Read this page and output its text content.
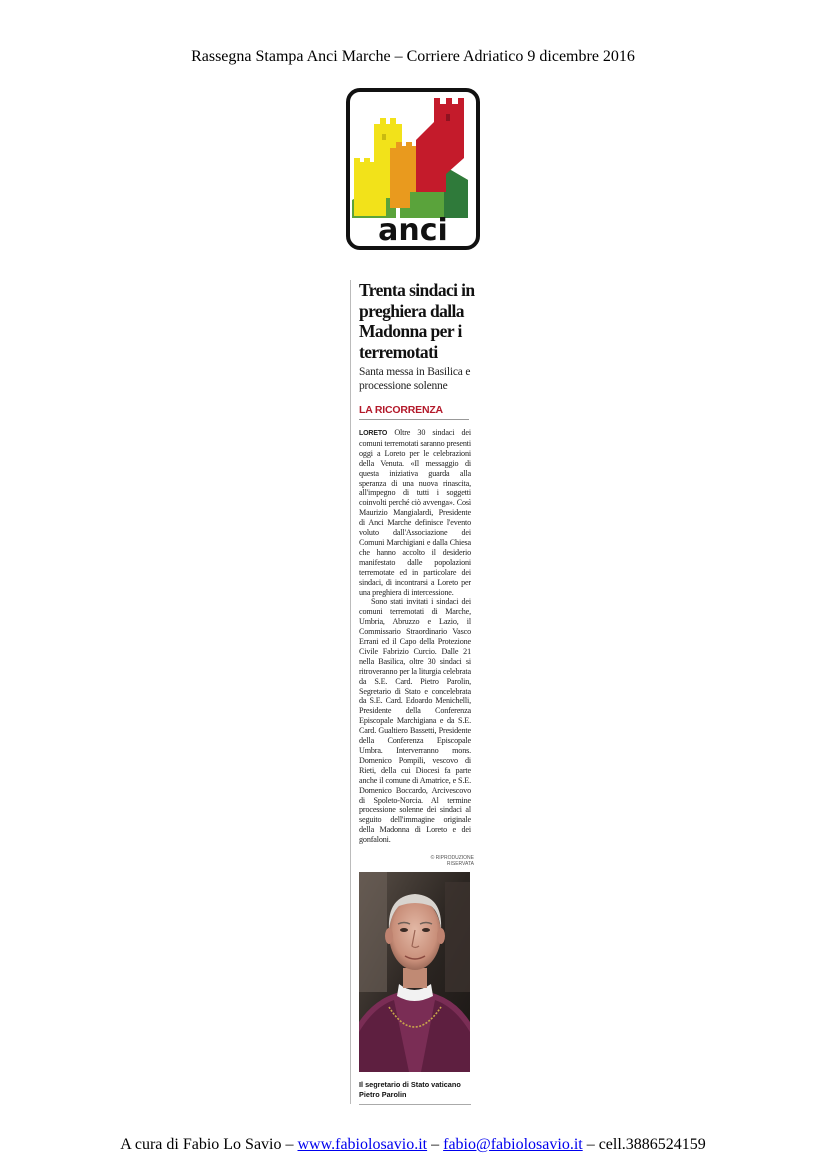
Rassegna Stampa Anci Marche – Corriere Adriatico 9 dicembre 2016
anci
Trenta sindaci in preghiera dalla Madonna per i terremotati
Santa messa in Basilica e processione solenne
LA RICORRENZA

LORETO Oltre 30 sindaci dei comuni terremotati saranno presenti oggi a Loreto per le celebrazioni della Venuta. «Il messaggio di questa iniziativa guarda alla speranza di una nuova rinascita, all'impegno di tutti i soggetti coinvolti perché ciò avvenga». Così Maurizio Mangialardi, Presidente di Anci Marche definisce l'evento voluto dall'Associazione dei Comuni Marchigiani e dalla Chiesa che hanno accolto il desiderio manifestato dalle popolazioni terremotate ed in particolare dei sindaci, di incontrarsi a Loreto per una preghiera di intercessione.

Sono stati invitati i sindaci dei comuni terremotati di Marche, Umbria, Abruzzo e Lazio, il Commissario Straordinario Vasco Errani ed il Capo della Protezione Civile Fabrizio Curcio. Dalle 21 nella Basilica, oltre 30 sindaci si ritroveranno per la liturgia celebrata da S.E. Card. Pietro Parolin, Segretario di Stato e concelebrata da S.E. Card. Edoardo Menichelli, Presidente della Conferenza Episcopale Marchigiana e da S.E. Card. Gualtiero Bassetti, Presidente della Conferenza Episcopale Umbra. Interverranno mons. Domenico Pompili, vescovo di Rieti, della cui Diocesi fa parte anche il comune di Amatrice, e S.E. Domenico Boccardo, Arcivescovo di Spoleto-Norcia. Al termine processione solenne dei sindaci al seguito dell'immagine originale della Madonna di Loreto e dei gonfaloni.

© RIPRODUZIONE RISERVATA
Il segretario di Stato vaticano Pietro Parolin
A cura di Fabio Lo Savio – www.fabiolosavio.it – fabio@fabiolosavio.it – cell.3886524159
